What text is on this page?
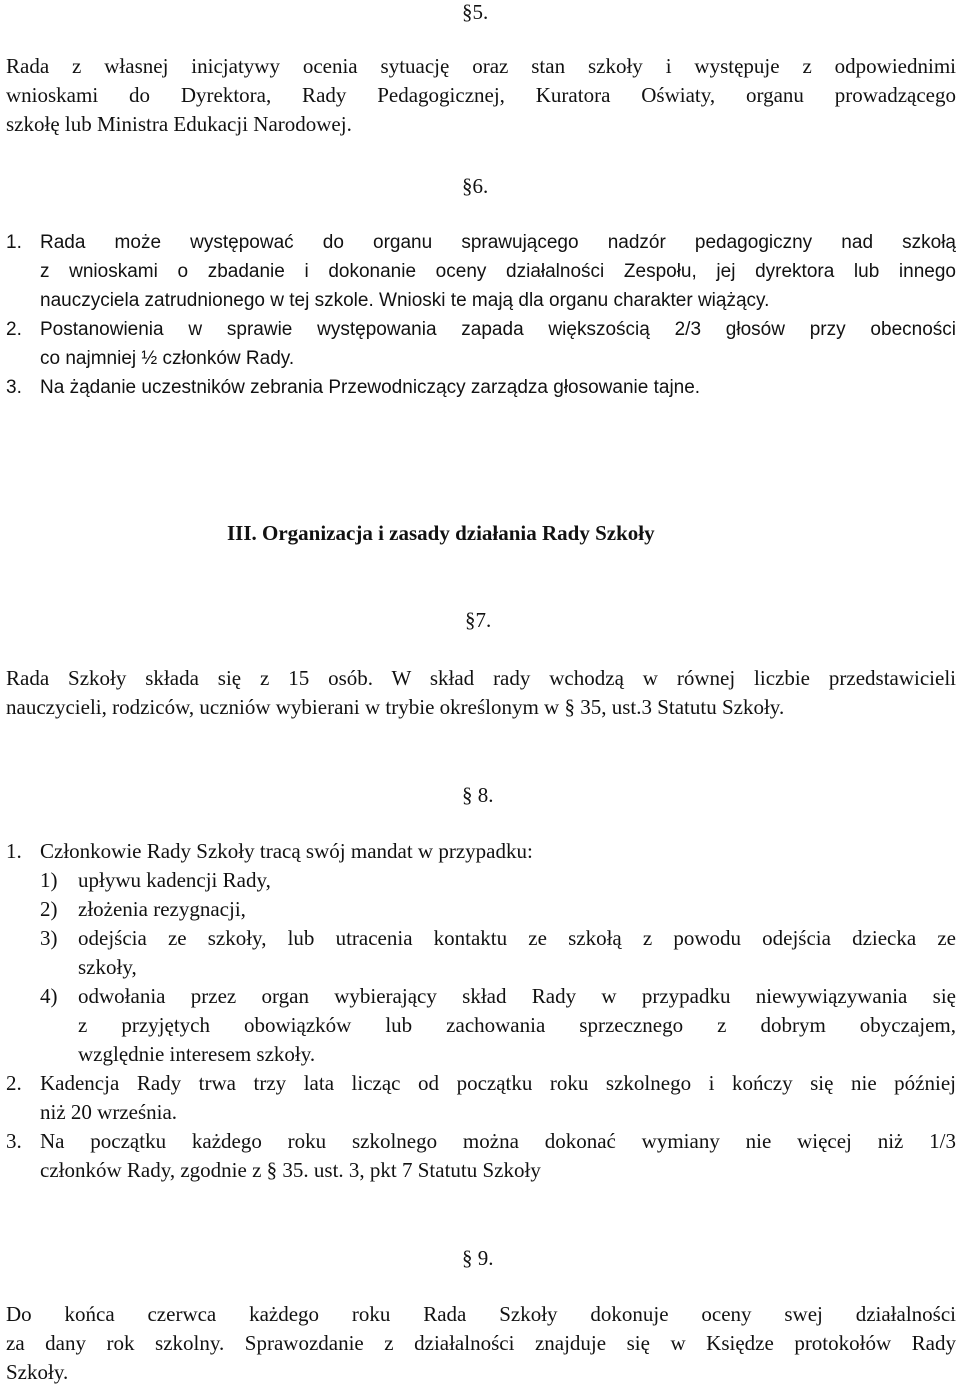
§5.
Rada z własnej inicjatywy ocenia sytuację oraz stan szkoły i występuje z odpowiednimi
wnioskami do Dyrektora, Rady Pedagogicznej, Kuratora Oświaty, organu prowadzącego
szkołę lub Ministra Edukacji Narodowej.
§6.
1. Rada może występować do organu sprawującego nadzór pedagogiczny nad szkołą
z wnioskami o zbadanie i dokonanie oceny działalności Zespołu, jej dyrektora lub innego
nauczyciela zatrudnionego w tej szkole. Wnioski te mają dla organu charakter wiążący.
2. Postanowienia w sprawie występowania zapada większością 2/3 głosów przy obecności
co najmniej ½ członków Rady.
3. Na żądanie uczestników zebrania Przewodniczący zarządza głosowanie tajne.
III. Organizacja i zasady działania Rady Szkoły
§7.
Rada Szkoły składa się z 15 osób. W skład rady wchodzą w równej liczbie przedstawicieli
nauczycieli, rodziców, uczniów wybierani w trybie określonym w § 35, ust.3 Statutu Szkoły.
§ 8.
1. Członkowie Rady Szkoły tracą swój mandat w przypadku:
1) upływu kadencji Rady,
2) złożenia rezygnacji,
3) odejścia ze szkoły, lub utracenia kontaktu ze szkołą z powodu odejścia dziecka ze
szkoły,
4) odwołania przez organ wybierający skład Rady w przypadku niewywiązywania się
z przyjętych obowiązków lub zachowania sprzecznego z dobrym obyczajem,
względnie interesem szkoły.
2. Kadencja Rady trwa trzy lata licząc od początku roku szkolnego i kończy się nie później
niż 20 września.
3. Na początku każdego roku szkolnego można dokonać wymiany nie więcej niż 1/3
członków Rady, zgodnie z § 35. ust. 3, pkt 7 Statutu Szkoły
§ 9.
Do końca czerwca każdego roku Rada Szkoły dokonuje oceny swej działalności
za dany rok szkolny. Sprawozdanie z działalności znajduje się w Księdze protokołów Rady
Szkoły.
